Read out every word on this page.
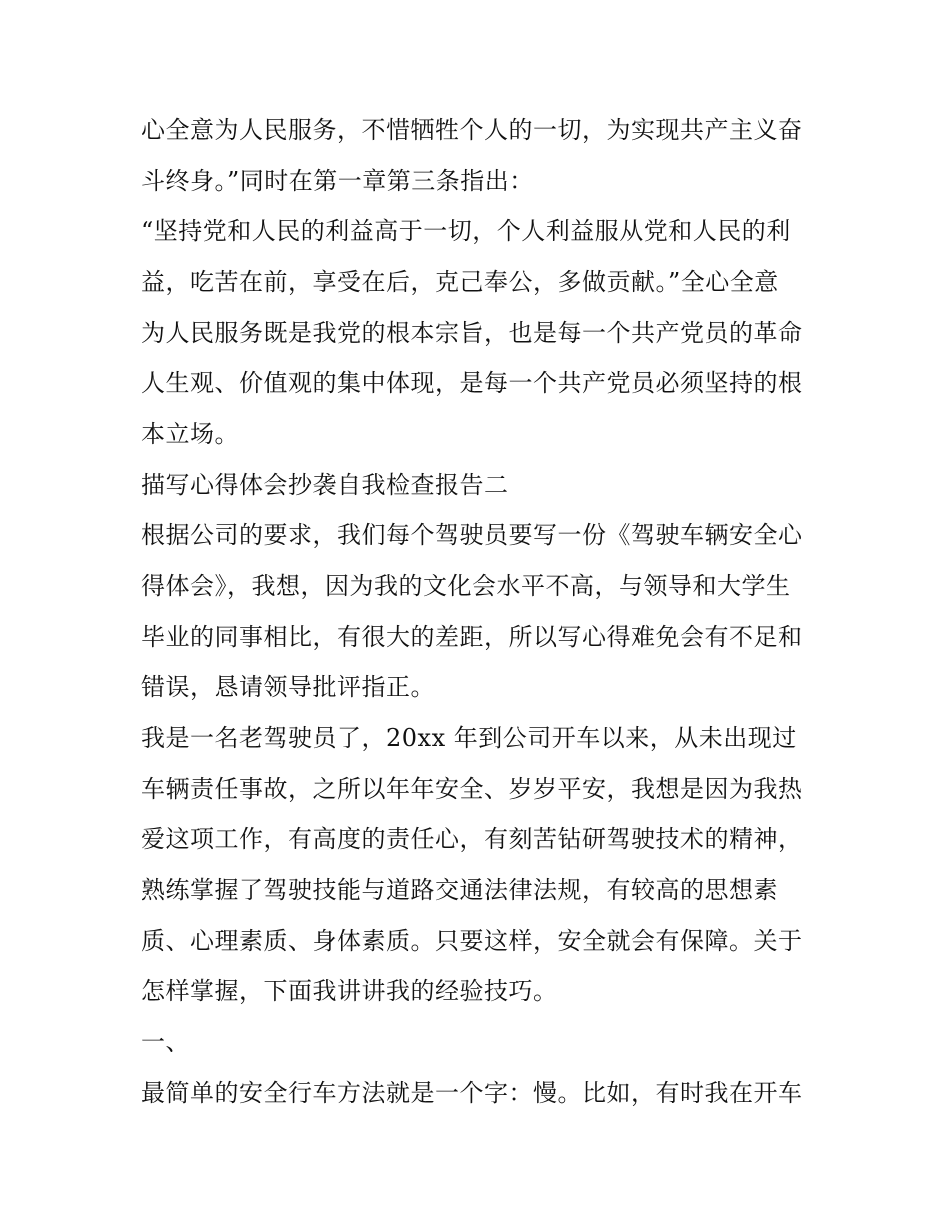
心全意为人民服务，不惜牺牲个人的一切，为实现共产主义奋
斗终身。”同时在第一章第三条指出：
“坚持党和人民的利益高于一切，个人利益服从党和人民的利
益，吃苦在前，享受在后，克己奉公，多做贡献。”全心全意
为人民服务既是我党的根本宗旨，也是每一个共产党员的革命
人生观、价值观的集中体现，是每一个共产党员必须坚持的根
本立场。
描写心得体会抄袭自我检查报告二
根据公司的要求，我们每个驾驶员要写一份《驾驶车辆安全心
得体会》，我想，因为我的文化会水平不高，与领导和大学生
毕业的同事相比，有很大的差距，所以写心得难免会有不足和
错误，恳请领导批评指正。
我是一名老驾驶员了，20xx 年到公司开车以来，从未出现过
车辆责任事故，之所以年年安全、岁岁平安，我想是因为我热
爱这项工作，有高度的责任心，有刻苦钻研驾驶技术的精神，
熟练掌握了驾驶技能与道路交通法律法规，有较高的思想素
质、心理素质、身体素质。只要这样，安全就会有保障。关于
怎样掌握，下面我讲讲我的经验技巧。
一、
最简单的安全行车方法就是一个字：慢。比如，有时我在开车
